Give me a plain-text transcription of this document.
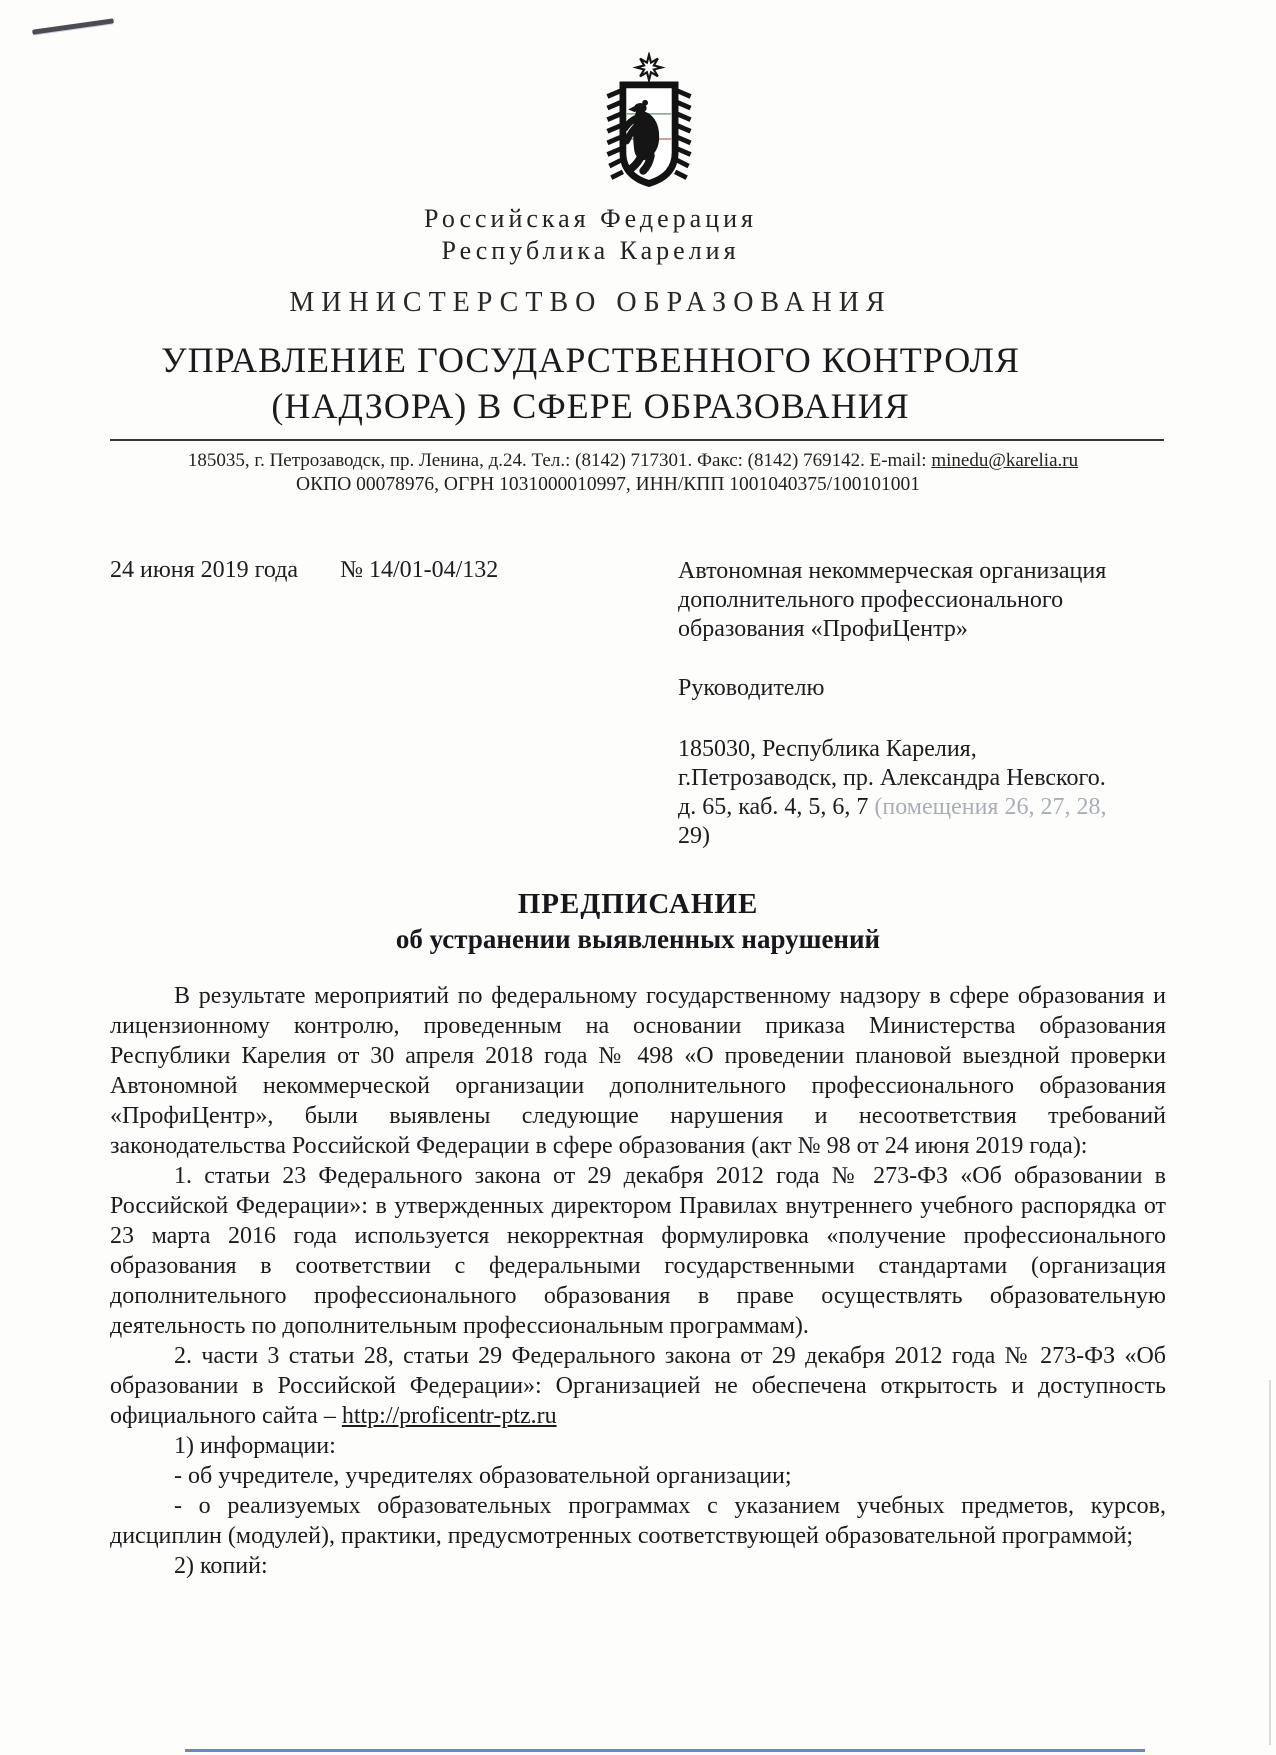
Российская Федерация
Республика Карелия
МИНИСТЕРСТВО ОБРАЗОВАНИЯ
УПРАВЛЕНИЕ ГОСУДАРСТВЕННОГО КОНТРОЛЯ
(НАДЗОРА) В СФЕРЕ ОБРАЗОВАНИЯ
185035, г. Петрозаводск, пр. Ленина, д.24. Тел.: (8142) 717301. Факс: (8142) 769142. E-mail: minedu@karelia.ru
ОКПО 00078976, ОГРН 1031000010997, ИНН/КПП 1001040375/100101001
24 июня 2019 года № 14/01-04/132	Автономная некоммерческая организация дополнительного профессионального образования «ПрофиЦентр»

Руководителю
185030, Республика Карелия,
г.Петрозаводск, пр. Александра Невского.
д. 65, каб. 4, 5, 6, 7 (помещения 26, 27, 28,
29)
ПРЕДПИСАНИЕ
об устранении выявленных нарушений

В результате мероприятий по федеральному государственному надзору в сфере образования и лицензионному контролю, проведенным на основании приказа Министерства образования Республики Карелия от 30 апреля 2018 года № 498 «О проведении плановой выездной проверки Автономной некоммерческой организации дополнительного профессионального образования «ПрофиЦентр», были выявлены следующие нарушения и несоответствия требований законодательства Российской Федерации в сфере образования (акт № 98 от 24 июня 2019 года):

1. статьи 23 Федерального закона от 29 декабря 2012 года № 273-ФЗ «Об образовании в Российской Федерации»: в утвержденных директором Правилах внутреннего учебного распорядка от 23 марта 2016 года используется некорректная формулировка «получение профессионального образования в соответствии с федеральными государственными стандартами (организация дополнительного профессионального образования в праве осуществлять образовательную деятельность по дополнительным профессиональным программам).

2. части 3 статьи 28, статьи 29 Федерального закона от 29 декабря 2012 года № 273-ФЗ «Об образовании в Российской Федерации»: Организацией не обеспечена открытость и доступность официального сайта – http://proficentr-ptz.ru

1) информации:

- об учредителе, учредителях образовательной организации;

- о реализуемых образовательных программах с указанием учебных предметов, курсов, дисциплин (модулей), практики, предусмотренных соответствующей образовательной программой;

2) копий:
